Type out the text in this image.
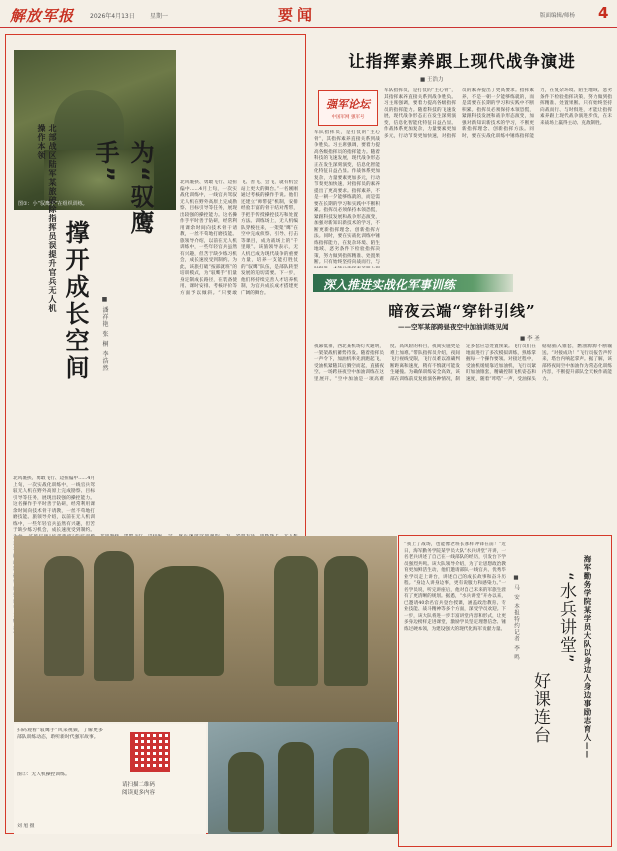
解放军报	2026年4月13日	星期一	要闻	版面编辑/师杨 4
图①：小“驭鹰手”在组织训练。
北部战区陆军某旅破除指挥员误提升官兵无人机操作本领	为“驭鹰手”
撑开成长空间	■ 潘祥艳 张 桐 李浩然
北风裹挟、勇敢飞行、边扭偏中……4月上旬，一次实战化训练中，一线官兵驾驭无人机在野外高原上完成勘察、目标引导等任务，展现出较强的操控能力。这名操作手平时善于钻研，经常利用课余时间向技术骨干请教，一丝不苟地打磨技能。旅领导介绍，以前在无人机训练中，一些年轻官兵虽然有兴趣，但苦于缺少练习机会，成长速度受到制约。为此，该旅打破“按部就班”的培训模式，为“驭鹰手”们量身定制成长路径，在装备使用、课时安排、考核评价等方面予以倾斜。“只要敢飞、善飞、会飞，就有机会站上更大的舞台。”一名刚刚通过考核的操作手说。他们还建立“师带徒”机制，安排经验丰富的骨干结对帮带，手把手传授操控技巧和处置方法。训练场上，无人机编队穿梭往来，一架架“鹰”在空中完成侦察、引导、打击等课目，成为战场上的“千里眼”。该旅领导表示，无人机已成为现代战争的重要力量，培养一支能打胜仗的“驭鹰”队伍，是部队转型发展的迫切需要。下一步，他们将持续完善人才培养机制，为官兵成长成才搭建更广阔的舞台。
北风裹挟、勇敢飞行、边扭偏中……4月上旬，一次实战化训练中，一线官兵驾驭无人机在野外高原上完成勘察、目标引导等任务，展现出较强的操控能力。这名操作手平时善于钻研，经常利用课余时间向技术骨干请教，一丝不苟地打磨技能。旅领导介绍，以前在无人机训练中，一些年轻官兵虽然有兴趣，但苦于缺少练习机会，成长速度受到制约。
让指挥素养跟上现代战争演进
■ 王浩力
强军论坛
中国军网 强军号
军队指挥员，是打仗的“主心骨”，其指挥素养直接关系到战争胜负。习主席强调，要着力提高各级指挥员的指挥能力。随着科技的飞速发展，现代战争形态正在发生深刻演变，信息化智能化特征日益凸显。作战体系更加复杂，力量要素更加多元，行动节奏更加快速，对指挥员的素养提出了更高要求。指挥素养，不是一朝一夕能够练就的，而是需要在长期的学习和实践中不断积累。指挥员必须保持本领恐慌，紧跟科技发展和战争形态演变，加强对新知识新技术的学习，不断更新指挥理念、创新指挥方法。同时，要在实战化训练中锤炼指挥能力，在复杂环境、陌生地域、恶劣条件下检验指挥决策，努力做到指挥精准、处置果断。只有始终坚持向战而行、与时俱进，才能让指挥素养跟上现代战争演进步伐，在未来战场上赢得主动、克敌制胜。
军队指挥员，是打仗的“主心骨”，其指挥素养直接关系到战争胜负。习主席强调，要着力提高各级指挥员的指挥能力。随着科技的飞速发展，现代战争形态正在发生深刻演变，信息化智能化特征日益凸显。作战体系更加复杂，力量要素更加多元，行动节奏更加快速，对指挥员的素养提出了更高要求。指挥素养，不是一朝一夕能够练就的，而是需要在长期的学习和实践中不断积累。指挥员必须保持本领恐慌，紧跟科技发展和战争形态演变，加强对新知识新技术的学习，不断更新指挥理念、创新指挥方法。同时，要在实战化训练中锤炼指挥能力，在复杂环境、陌生地域、恶劣条件下检验指挥决策，努力做到指挥精准、处置果断。只有始终坚持向战而行、与
深入推进实战化军事训练
暗夜云端“穿针引线”
——空军某部跨昼夜空中加油训练见闻
■ 李 圣
夜幕低垂，西北某机场灯火通明，一架架战机蓄势待发。随着指挥员一声令下，加油机率先滑跑起飞，受油机紧随其后腾空而起，直插夜空。一场跨昼夜空中加油训练在这里展开。“空中加油是一项高难度、高风险的科目，夜间实施更是难上加难。”带队指挥员介绍，夜间飞行视线受限，飞行员难以准确判断距离和速度，稍有不慎就可能发生碰撞。为确保训练安全高效，该部在训练前反复推演各种情况，制定多套应急处置预案。飞行员们在地面进行了多次模拟训练，熟练掌握每一个操作要领。对接过程中，受油机缓缓靠近加油机，飞行员紧盯加油锥套，精确控制飞机姿态和速度，随着“咔嗒”一声，受油探头稳稳插入锥套，燃油源源不断输送。“对接成功！”飞行员报告声传来，塔台内响起掌声。据了解，该部将夜间空中加油作为常态化训练内容，不断提升部队全天候作战能力。
海军勤务学院某学员大队以身边人身边事励志育人——
“水兵讲堂”
好课连台
■ 马 安 本报特约记者 李 鸣
“我上了战场，也能像老班长那样冲锋在前！”近日，海军勤务学院某学员大队“水兵讲堂”开讲，一名老兵讲述了自己在一线部队的经历，引发台下学员强烈共鸣。该大队领导介绍，为了让思想政治教育更加鲜活生动，他们邀请部队一线官兵、优秀毕业学员走上讲台，讲述自己的成长故事和奋斗历程。“身边人讲身边事，更有说服力和感染力。”一名学员说，听完讲座后，他对自己未来的军旅生涯有了更清晰的规划。据悉，“水兵讲堂”开办以来，已邀请40余名官兵登台授课，涵盖政治教育、专业技能、战斗精神等多个方面，深受学员欢迎。下一步，该大队将进一步丰富讲堂内容和形式，让更多身边榜样走进课堂，激励学员坚定理想信念、锤炼过硬本领，为建设强大的现代化海军贡献力量。
扫码观看“驭鹰手”风采视频，了解更多部队训练动态，聆听新时代强军故事。
图②：无人机操控训练。
刘 旭 摄
请扫描二维码
阅读更多内容
